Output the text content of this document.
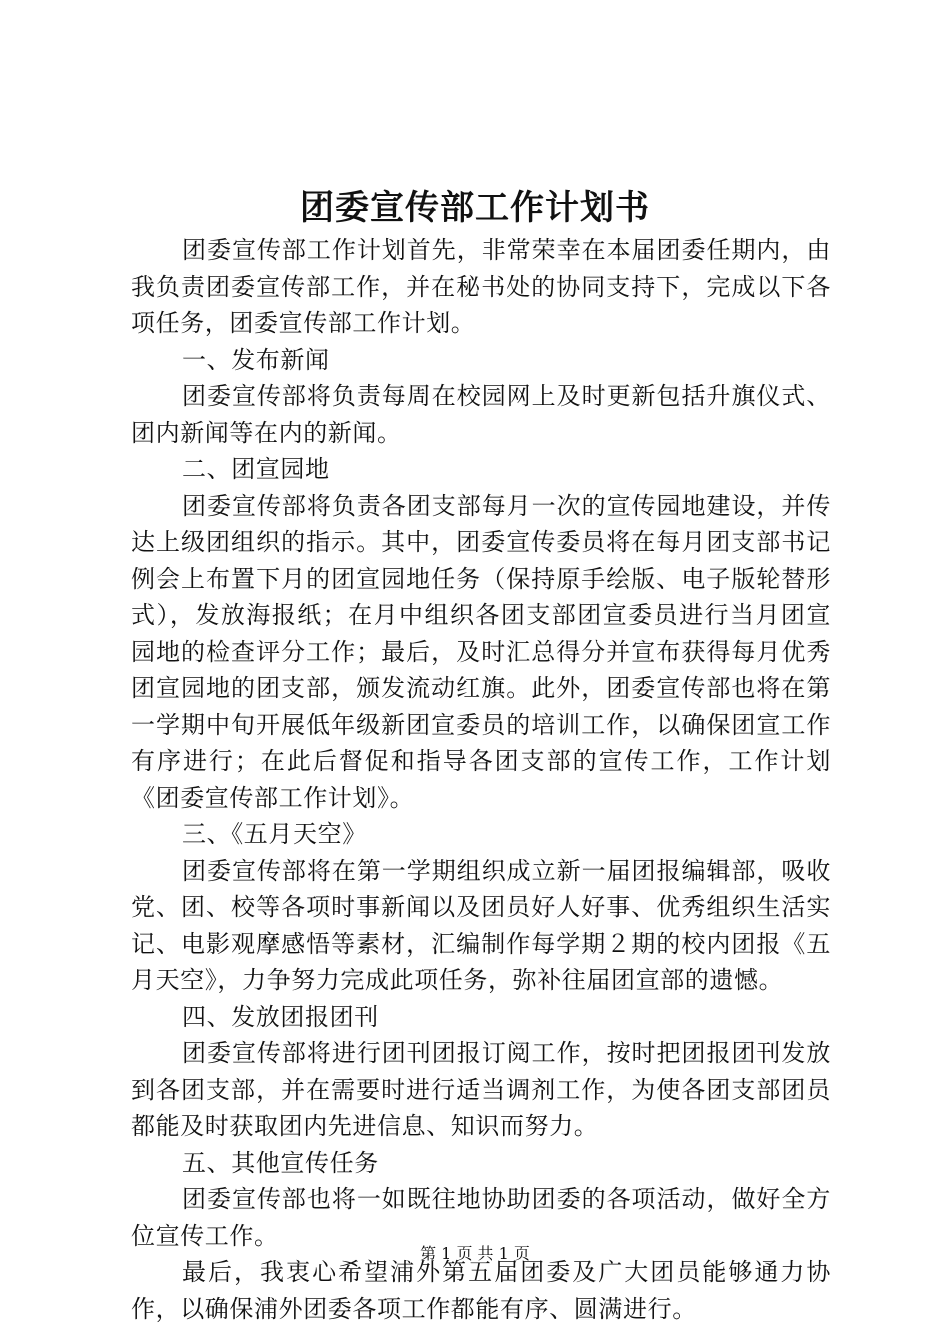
团委宣传部工作计划书

团委宣传部工作计划首先，非常荣幸在本届团委任期内，由我负责团委宣传部工作，并在秘书处的协同支持下，完成以下各项任务，团委宣传部工作计划。

一、发布新闻

团委宣传部将负责每周在校园网上及时更新包括升旗仪式、团内新闻等在内的新闻。

二、团宣园地

团委宣传部将负责各团支部每月一次的宣传园地建设，并传达上级团组织的指示。其中，团委宣传委员将在每月团支部书记例会上布置下月的团宣园地任务（保持原手绘版、电子版轮替形式），发放海报纸；在月中组织各团支部团宣委员进行当月团宣园地的检查评分工作；最后，及时汇总得分并宣布获得每月优秀团宣园地的团支部，颁发流动红旗。此外，团委宣传部也将在第一学期中旬开展低年级新团宣委员的培训工作，以确保团宣工作有序进行；在此后督促和指导各团支部的宣传工作，工作计划《团委宣传部工作计划》。

三、《五月天空》

团委宣传部将在第一学期组织成立新一届团报编辑部，吸收党、团、校等各项时事新闻以及团员好人好事、优秀组织生活实记、电影观摩感悟等素材，汇编制作每学期２期的校内团报《五月天空》，力争努力完成此项任务，弥补往届团宣部的遗憾。

四、发放团报团刊

团委宣传部将进行团刊团报订阅工作，按时把团报团刊发放到各团支部，并在需要时进行适当调剂工作，为使各团支部团员都能及时获取团内先进信息、知识而努力。

五、其他宣传任务

团委宣传部也将一如既往地协助团委的各项活动，做好全方位宣传工作。

最后，我衷心希望浦外第五届团委及广大团员能够通力协作，以确保浦外团委各项工作都能有序、圆满进行。

第 1 页 共 1 页
